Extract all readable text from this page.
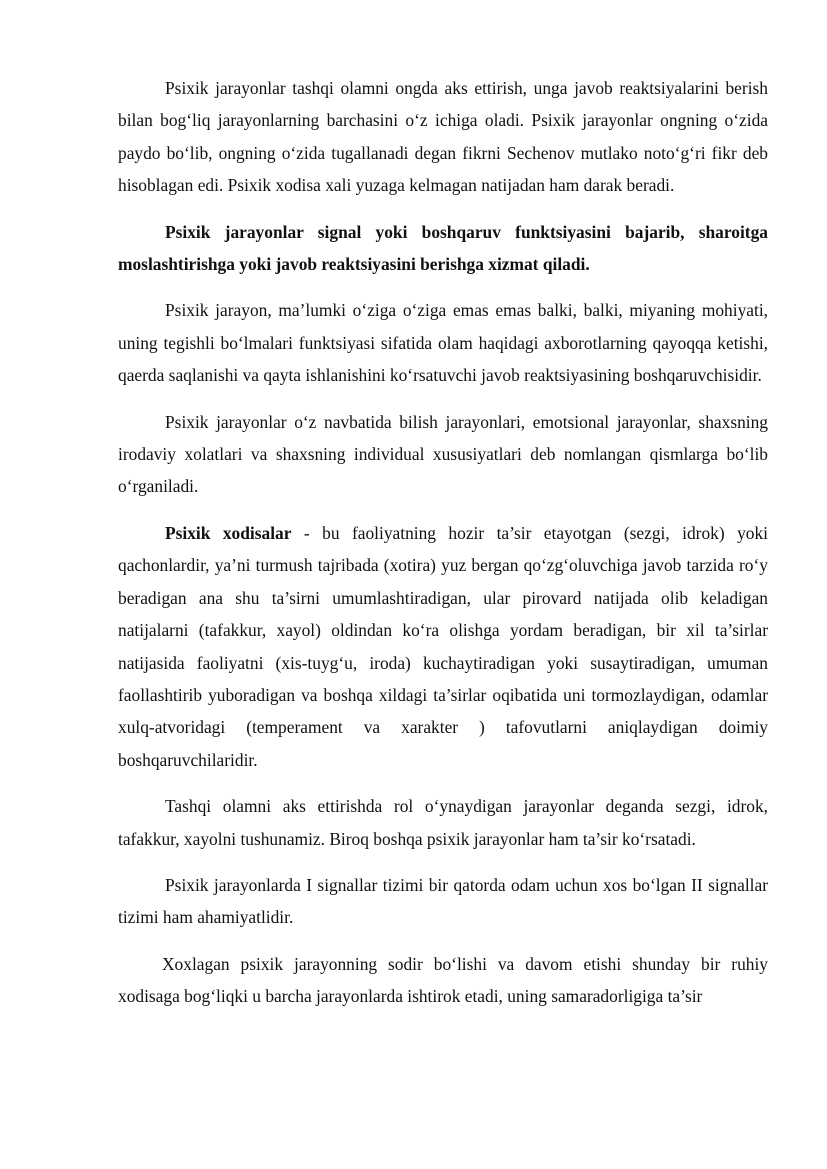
Psixik jarayonlar tashqi olamni ongda aks ettirish, unga javob reaktsiyalarini berish bilan bog‘liq jarayonlarning barchasini o‘z ichiga oladi. Psixik jarayonlar ongning o‘zida paydo bo‘lib, ongning o‘zida tugallanadi degan fikrni Sechenov mutlako noto‘g‘ri fikr deb hisoblagan edi. Psixik xodisa xali yuzaga kelmagan natijadan ham darak beradi.

Psixik jarayonlar signal yoki boshqaruv funktsiyasini bajarib, sharoitga moslashtirishga yoki javob reaktsiyasini berishga xizmat qiladi.

Psixik jarayon, ma’lumki o‘ziga o‘ziga emas emas balki, balki, miyaning mohiyati, uning tegishli bo‘lmalari funktsiyasi sifatida olam haqidagi axborotlarning qayoqqa ketishi, qaerda saqlanishi va qayta ishlanishini ko‘rsatuvchi javob reaktsiyasining boshqaruvchisidir.

Psixik jarayonlar o‘z navbatida bilish jarayonlari, emotsional jarayonlar, shaxsning irodaviy xolatlari va shaxsning individual xususiyatlari deb nomlangan qismlarga bo‘lib o‘rganiladi.

Psixik xodisalar - bu faoliyatning hozir ta’sir etayotgan (sezgi, idrok) yoki qachonlardir, ya’ni turmush tajribada (xotira) yuz bergan qo‘zg‘oluvchiga javob tarzida ro‘y beradigan ana shu ta’sirni umumlashtiradigan, ular pirovard natijada olib keladigan natijalarni (tafakkur, xayol) oldindan ko‘ra olishga yordam beradigan, bir xil ta’sirlar natijasida faoliyatni (xis-tuyg‘u, iroda) kuchaytiradigan yoki susaytiradigan, umuman faollashtirib yuboradigan va boshqa xildagi ta’sirlar oqibatida uni tormozlaydigan, odamlar xulq-atvoridagi (temperament va xarakter ) tafovutlarni aniqlaydigan doimiy boshqaruvchilaridir.

Tashqi olamni aks ettirishda rol o‘ynaydigan jarayonlar deganda sezgi, idrok, tafakkur, xayolni tushunamiz. Biroq boshqa psixik jarayonlar ham ta’sir ko‘rsatadi.

Psixik jarayonlarda I signallar tizimi bir qatorda odam uchun xos bo‘lgan II signallar tizimi ham ahamiyatlidir.

Xoxlagan psixik jarayonning sodir bo‘lishi va davom etishi shunday bir ruhiy xodisaga bog‘liqki u barcha jarayonlarda ishtirok etadi, uning samaradorligiga ta’sir
